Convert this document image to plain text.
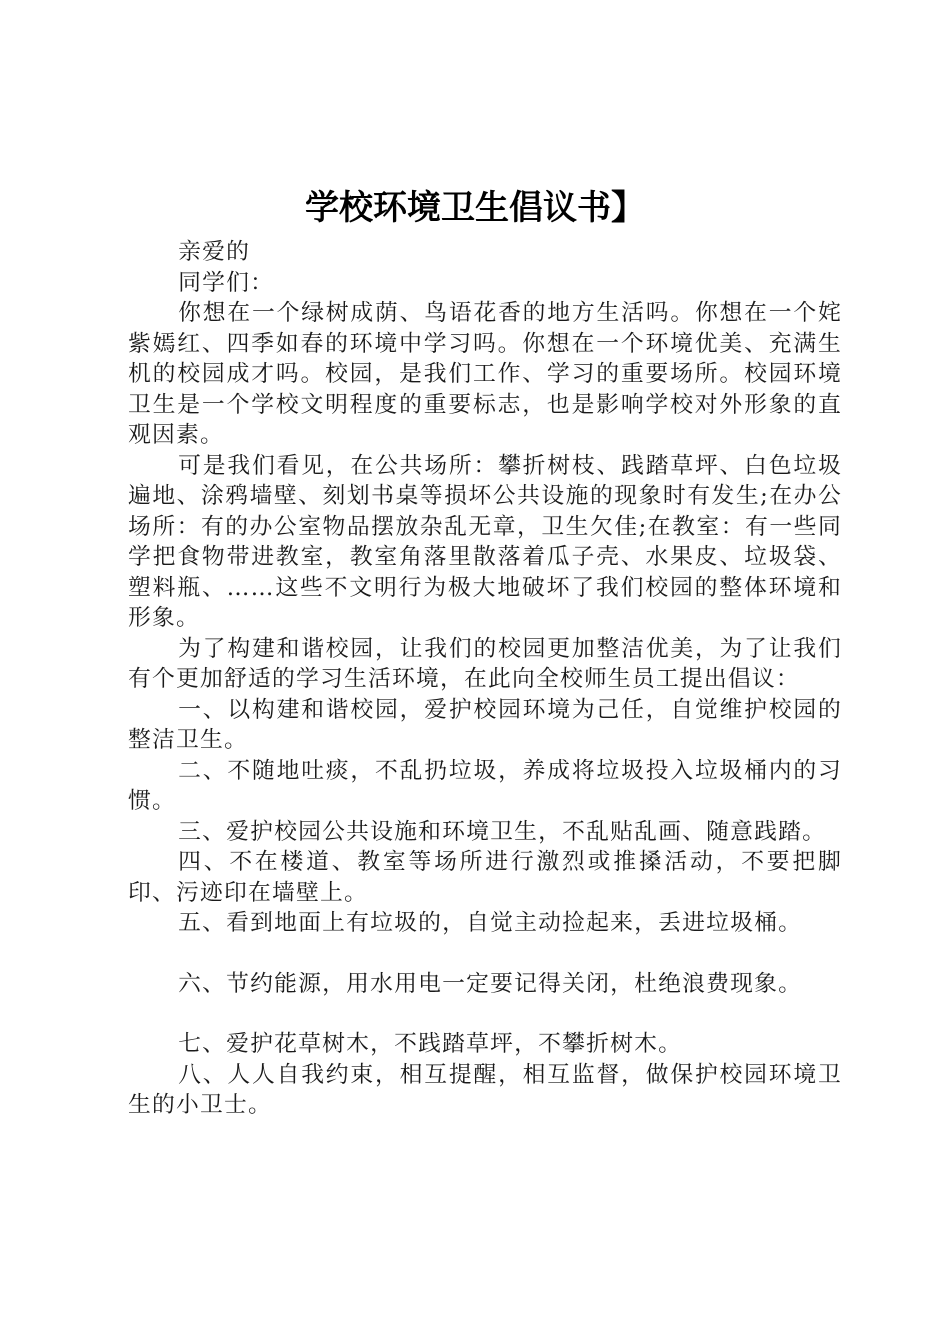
学校环境卫生倡议书】

亲爱的

同学们：

你想在一个绿树成荫、鸟语花香的地方生活吗。你想在一个姹紫嫣红、四季如春的环境中学习吗。你想在一个环境优美、充满生机的校园成才吗。校园，是我们工作、学习的重要场所。校园环境卫生是一个学校文明程度的重要标志，也是影响学校对外形象的直观因素。

可是我们看见，在公共场所：攀折树枝、践踏草坪、白色垃圾遍地、涂鸦墙壁、刻划书桌等损坏公共设施的现象时有发生;在办公场所：有的办公室物品摆放杂乱无章，卫生欠佳;在教室：有一些同学把食物带进教室，教室角落里散落着瓜子壳、水果皮、垃圾袋、塑料瓶、……这些不文明行为极大地破坏了我们校园的整体环境和形象。

为了构建和谐校园，让我们的校园更加整洁优美，为了让我们有个更加舒适的学习生活环境，在此向全校师生员工提出倡议：

一、以构建和谐校园，爱护校园环境为己任，自觉维护校园的整洁卫生。

二、不随地吐痰，不乱扔垃圾，养成将垃圾投入垃圾桶内的习惯。

三、爱护校园公共设施和环境卫生，不乱贴乱画、随意践踏。

四、不在楼道、教室等场所进行激烈或推搡活动，不要把脚印、污迹印在墙壁上。

五、看到地面上有垃圾的，自觉主动捡起来，丢进垃圾桶。

六、节约能源，用水用电一定要记得关闭，杜绝浪费现象。

七、爱护花草树木，不践踏草坪，不攀折树木。

八、人人自我约束，相互提醒，相互监督，做保护校园环境卫生的小卫士。
